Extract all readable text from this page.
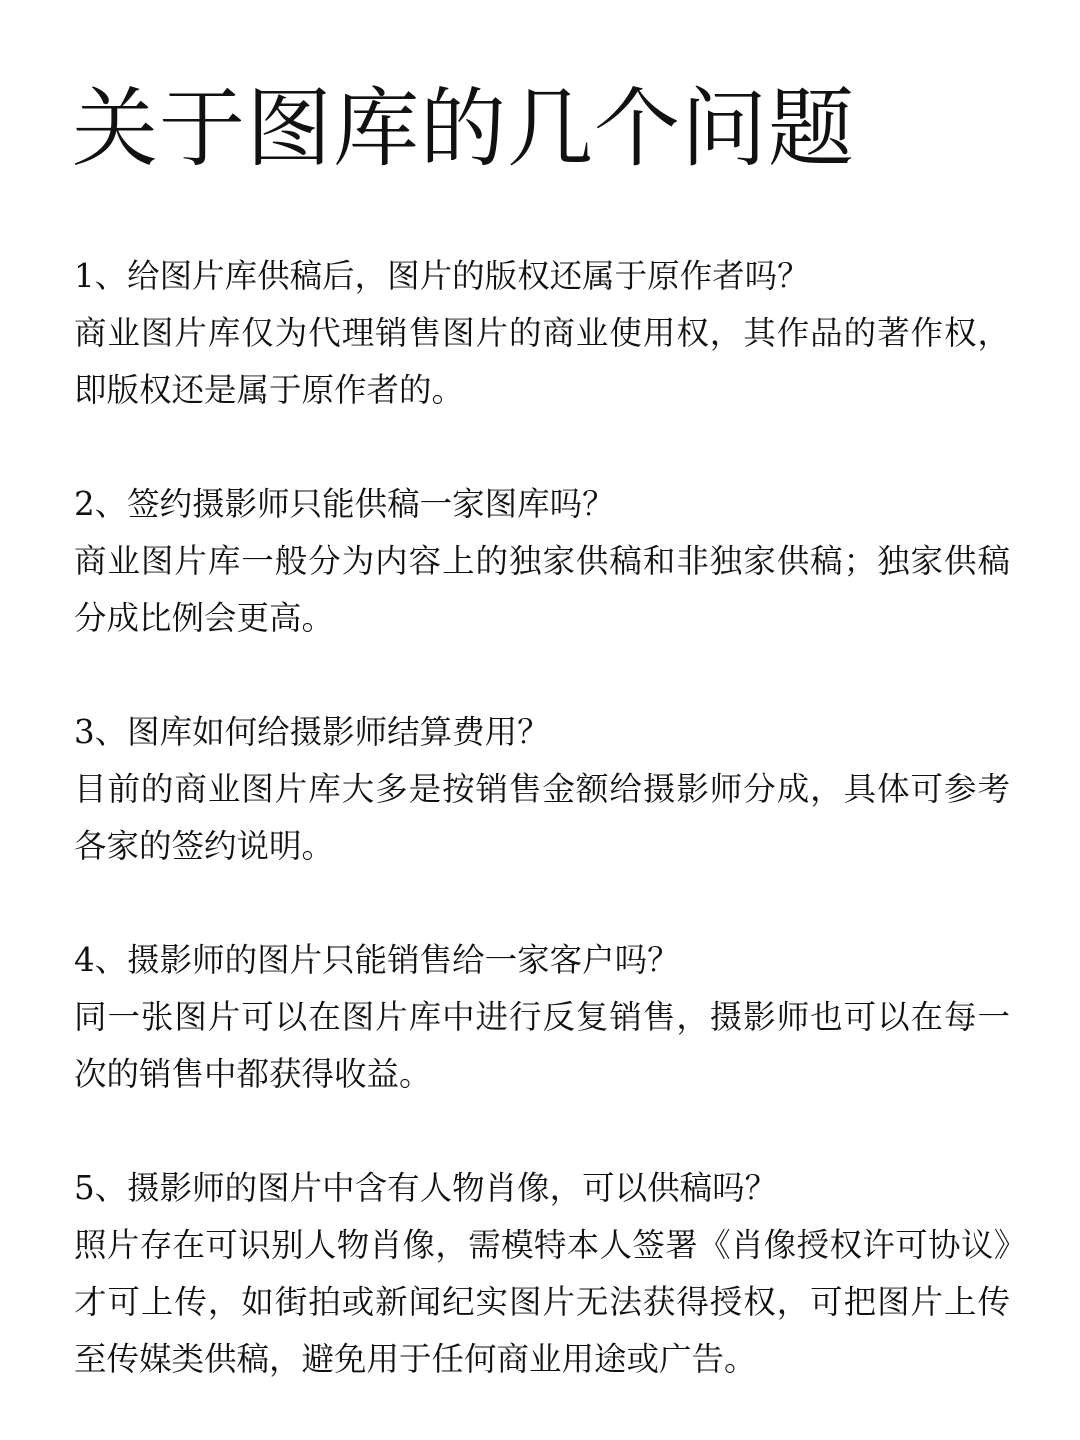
关于图库的几个问题

1、给图片库供稿后，图片的版权还属于原作者吗？

商业图片库仅为代理销售图片的商业使用权，其作品的著作权，即版权还是属于原作者的。

2、签约摄影师只能供稿一家图库吗？

商业图片库一般分为内容上的独家供稿和非独家供稿；独家供稿分成比例会更高。

3、图库如何给摄影师结算费用？

目前的商业图片库大多是按销售金额给摄影师分成，具体可参考各家的签约说明。

4、摄影师的图片只能销售给一家客户吗？

同一张图片可以在图片库中进行反复销售，摄影师也可以在每一次的销售中都获得收益。

5、摄影师的图片中含有人物肖像，可以供稿吗？

照片存在可识别人物肖像，需模特本人签署《肖像授权许可协议》才可上传，如街拍或新闻纪实图片无法获得授权，可把图片上传至传媒类供稿，避免用于任何商业用途或广告。
